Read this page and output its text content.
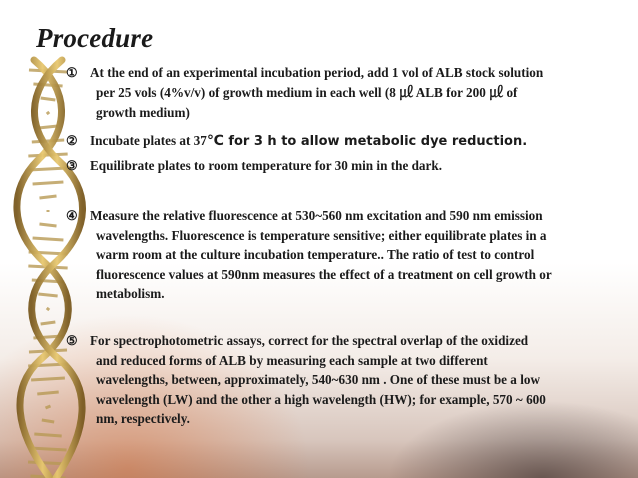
Procedure
① At the end of an experimental incubation period, add 1 vol of ALB stock solution
per 25 vols (4%v/v) of growth medium in each well (8 ㎕ ALB for 200 ㎕ of
growth medium)
② Incubate plates at 37℃ for 3 h to allow metabolic dye reduction.
③ Equilibrate plates to room temperature for 30 min in the dark.
④ Measure the relative fluorescence at 530~560 nm excitation and 590 nm emission
wavelengths. Fluorescence is temperature sensitive; either equilibrate plates in a
warm room at the culture incubation temperature.. The ratio of test to control
fluorescence values at 590nm measures the effect of a treatment on cell growth or
metabolism.
⑤ For spectrophotometric assays, correct for the spectral overlap of the oxidized
and reduced forms of ALB by measuring each sample at two different
wavelengths, between, approximately, 540~630 nm . One of these must be a low
wavelength (LW) and the other a high wavelength (HW); for example, 570 ~ 600
nm, respectively.
